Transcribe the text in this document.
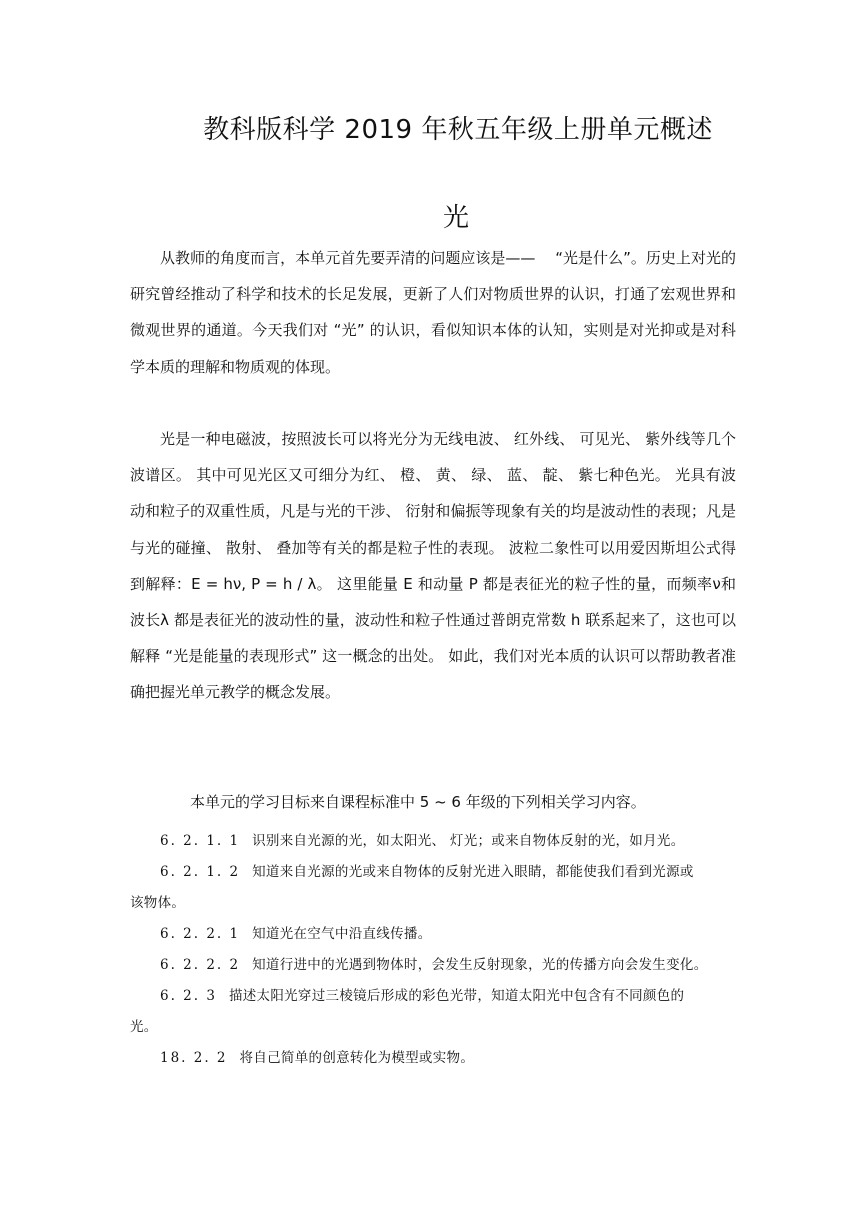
教科版科学 2019 年秋五年级上册单元概述
光

从教师的角度而言，本单元首先要弄清的问题应该是——　 “光是什么”。历史上对光的研究曾经推动了科学和技术的长足发展，更新了人们对物质世界的认识，打通了宏观世界和微观世界的通道。今天我们对 “光” 的认识，看似知识本体的认知，实则是对光抑或是对科学本质的理解和物质观的体现。

光是一种电磁波，按照波长可以将光分为无线电波、 红外线、 可见光、 紫外线等几个波谱区。 其中可见光区又可细分为红、 橙、 黄、 绿、 蓝、 靛、 紫七种色光。 光具有波动和粒子的双重性质，凡是与光的干涉、 衍射和偏振等现象有关的均是波动性的表现；凡是与光的碰撞、 散射、 叠加等有关的都是粒子性的表现。 波粒二象性可以用爱因斯坦公式得到解释：E = hν, P = h / λ。 这里能量 E 和动量 P 都是表征光的粒子性的量，而频率ν和波长λ 都是表征光的波动性的量，波动性和粒子性通过普朗克常数 h 联系起来了，这也可以解释 “光是能量的表现形式” 这一概念的出处。 如此，我们对光本质的认识可以帮助教者准确把握光单元教学的概念发展。

本单元的学习目标来自课程标准中 5 ~ 6 年级的下列相关学习内容。

6. 2. 1. 1 识别来自光源的光，如太阳光、 灯光；或来自物体反射的光，如月光。

6. 2. 1. 2 知道来自光源的光或来自物体的反射光进入眼睛，都能使我们看到光源或
该物体。

6. 2. 2. 1 知道光在空气中沿直线传播。

6. 2. 2. 2 知道行进中的光遇到物体时，会发生反射现象，光的传播方向会发生变化。

6. 2. 3 描述太阳光穿过三棱镜后形成的彩色光带，知道太阳光中包含有不同颜色的
光。

18. 2. 2 将自己简单的创意转化为模型或实物。
